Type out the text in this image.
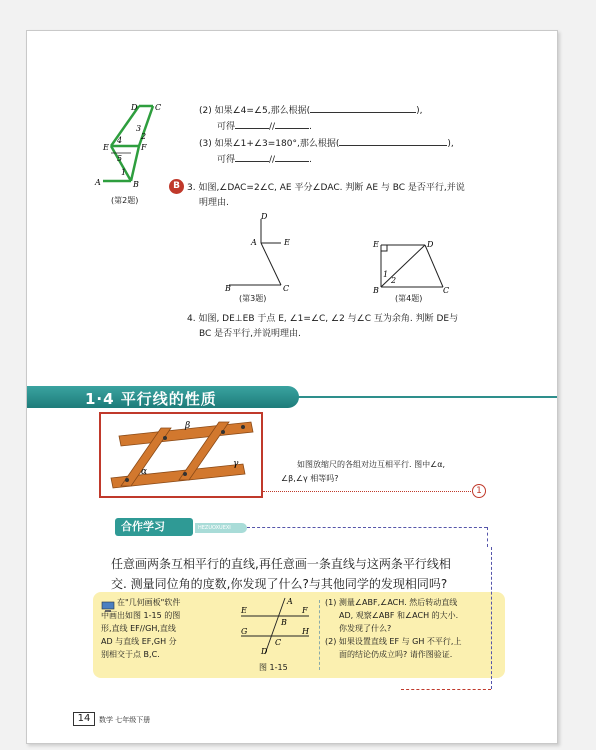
D C
E	F
A	B
1
2
3
4
5
(第2题)
(2) 如果∠4=∠5,那么根据(	),
可得	//	.
(3) 如果∠1+∠3=180°,那么根据(	),
可得	//	.
B 3. 如图,∠DAC=2∠C, AE 平分∠DAC. 判断 AE 与 BC 是否平行,并说
明理由.
D
A	E
B	C
(第3题)
E	D
B	C
1
2
(第4题)
4. 如图, DE⊥EB 于点 E, ∠1=∠C, ∠2 与∠C 互为余角. 判断 DE与
BC 是否平行,并说明理由.
1·4 平行线的性质
α
β
γ	如图放缩尺的各组对边互相平行. 图中∠α,
∠β,∠γ 相等吗?
1
合作学习	HEZUOXUEXI
任意画两条互相平行的直线,再任意画一条直线与这两条平行线相
交. 测量同位角的度数,你发现了什么?与其他同学的发现相同吗?
在"几何画板"软件
中画出如图 1-15 的图
形,直线 EF//GH,直线
AD 与直线 EF,GH 分
别相交于点 B,C.
A
E	F
B
G	H
C
D
图 1-15
(1) 测量∠ABF,∠ACH. 然后转动直线
AD, 观察∠ABF 和∠ACH 的大小.
你发现了什么?
(2) 如果设置直线 EF 与 GH 不平行,上
面的结论仍成立吗? 请作图验证.
14	数学 七年级下册
